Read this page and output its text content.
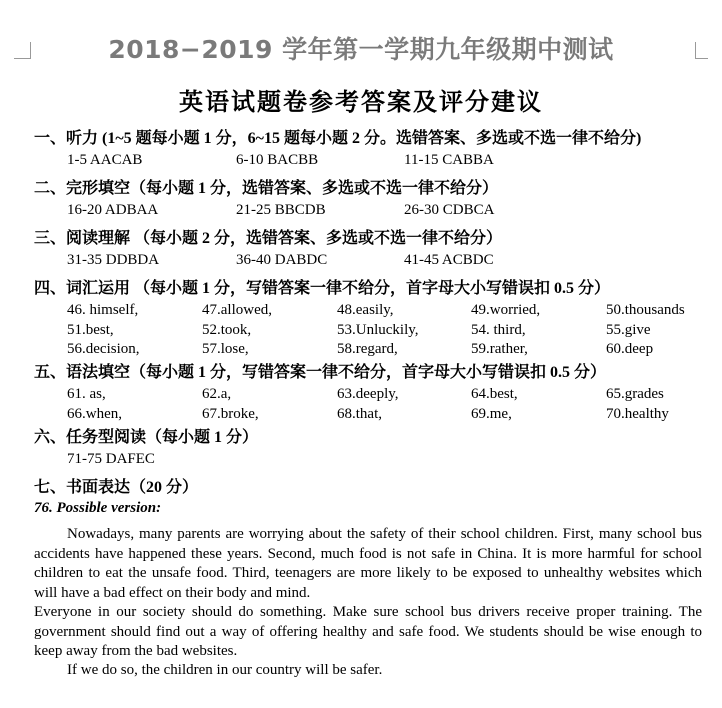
2018−2019 学年第一学期九年级期中测试
英语试题卷参考答案及评分建议
一、听力 (1~5 题每小题 1 分，6~15 题每小题 2 分。选错答案、多选或不选一律不给分)
1-5 AACAB	6-10 BACBB	11-15 CABBA
二、完形填空（每小题 1 分，选错答案、多选或不选一律不给分）
16-20 ADBAA	21-25 BBCDB	26-30 CDBCA
三、阅读理解 （每小题 2 分，选错答案、多选或不选一律不给分）
31-35 DDBDA	36-40 DABDC	41-45 ACBDC
四、词汇运用 （每小题 1 分，写错答案一律不给分，首字母大小写错误扣 0.5 分）
46. himself,	47.allowed,	48.easily,	49.worried,	50.thousands
51.best,	52.took,	53.Unluckily,	54. third,	55.give
56.decision,	57.lose,	58.regard,	59.rather,	60.deep
五、语法填空（每小题 1 分，写错答案一律不给分，首字母大小写错误扣 0.5 分）
61. as,	62.a,	63.deeply,	64.best,	65.grades
66.when,	67.broke,	68.that,	69.me,	70.healthy
六、任务型阅读（每小题 1 分）
71-75 DAFEC
七、书面表达（20 分）
76. Possible version:
Nowadays, many parents are worrying about the safety of their school children. First, many school bus accidents have happened these years. Second, much food is not safe in China. It is more harmful for school children to eat the unsafe food. Third, teenagers are more likely to be exposed to unhealthy websites which will have a bad effect on their body and mind.
Everyone in our society should do something. Make sure school bus drivers receive proper training. The government should find out a way of offering healthy and safe food. We students should be wise enough to keep away from the bad websites.
If we do so, the children in our country will be safer.
